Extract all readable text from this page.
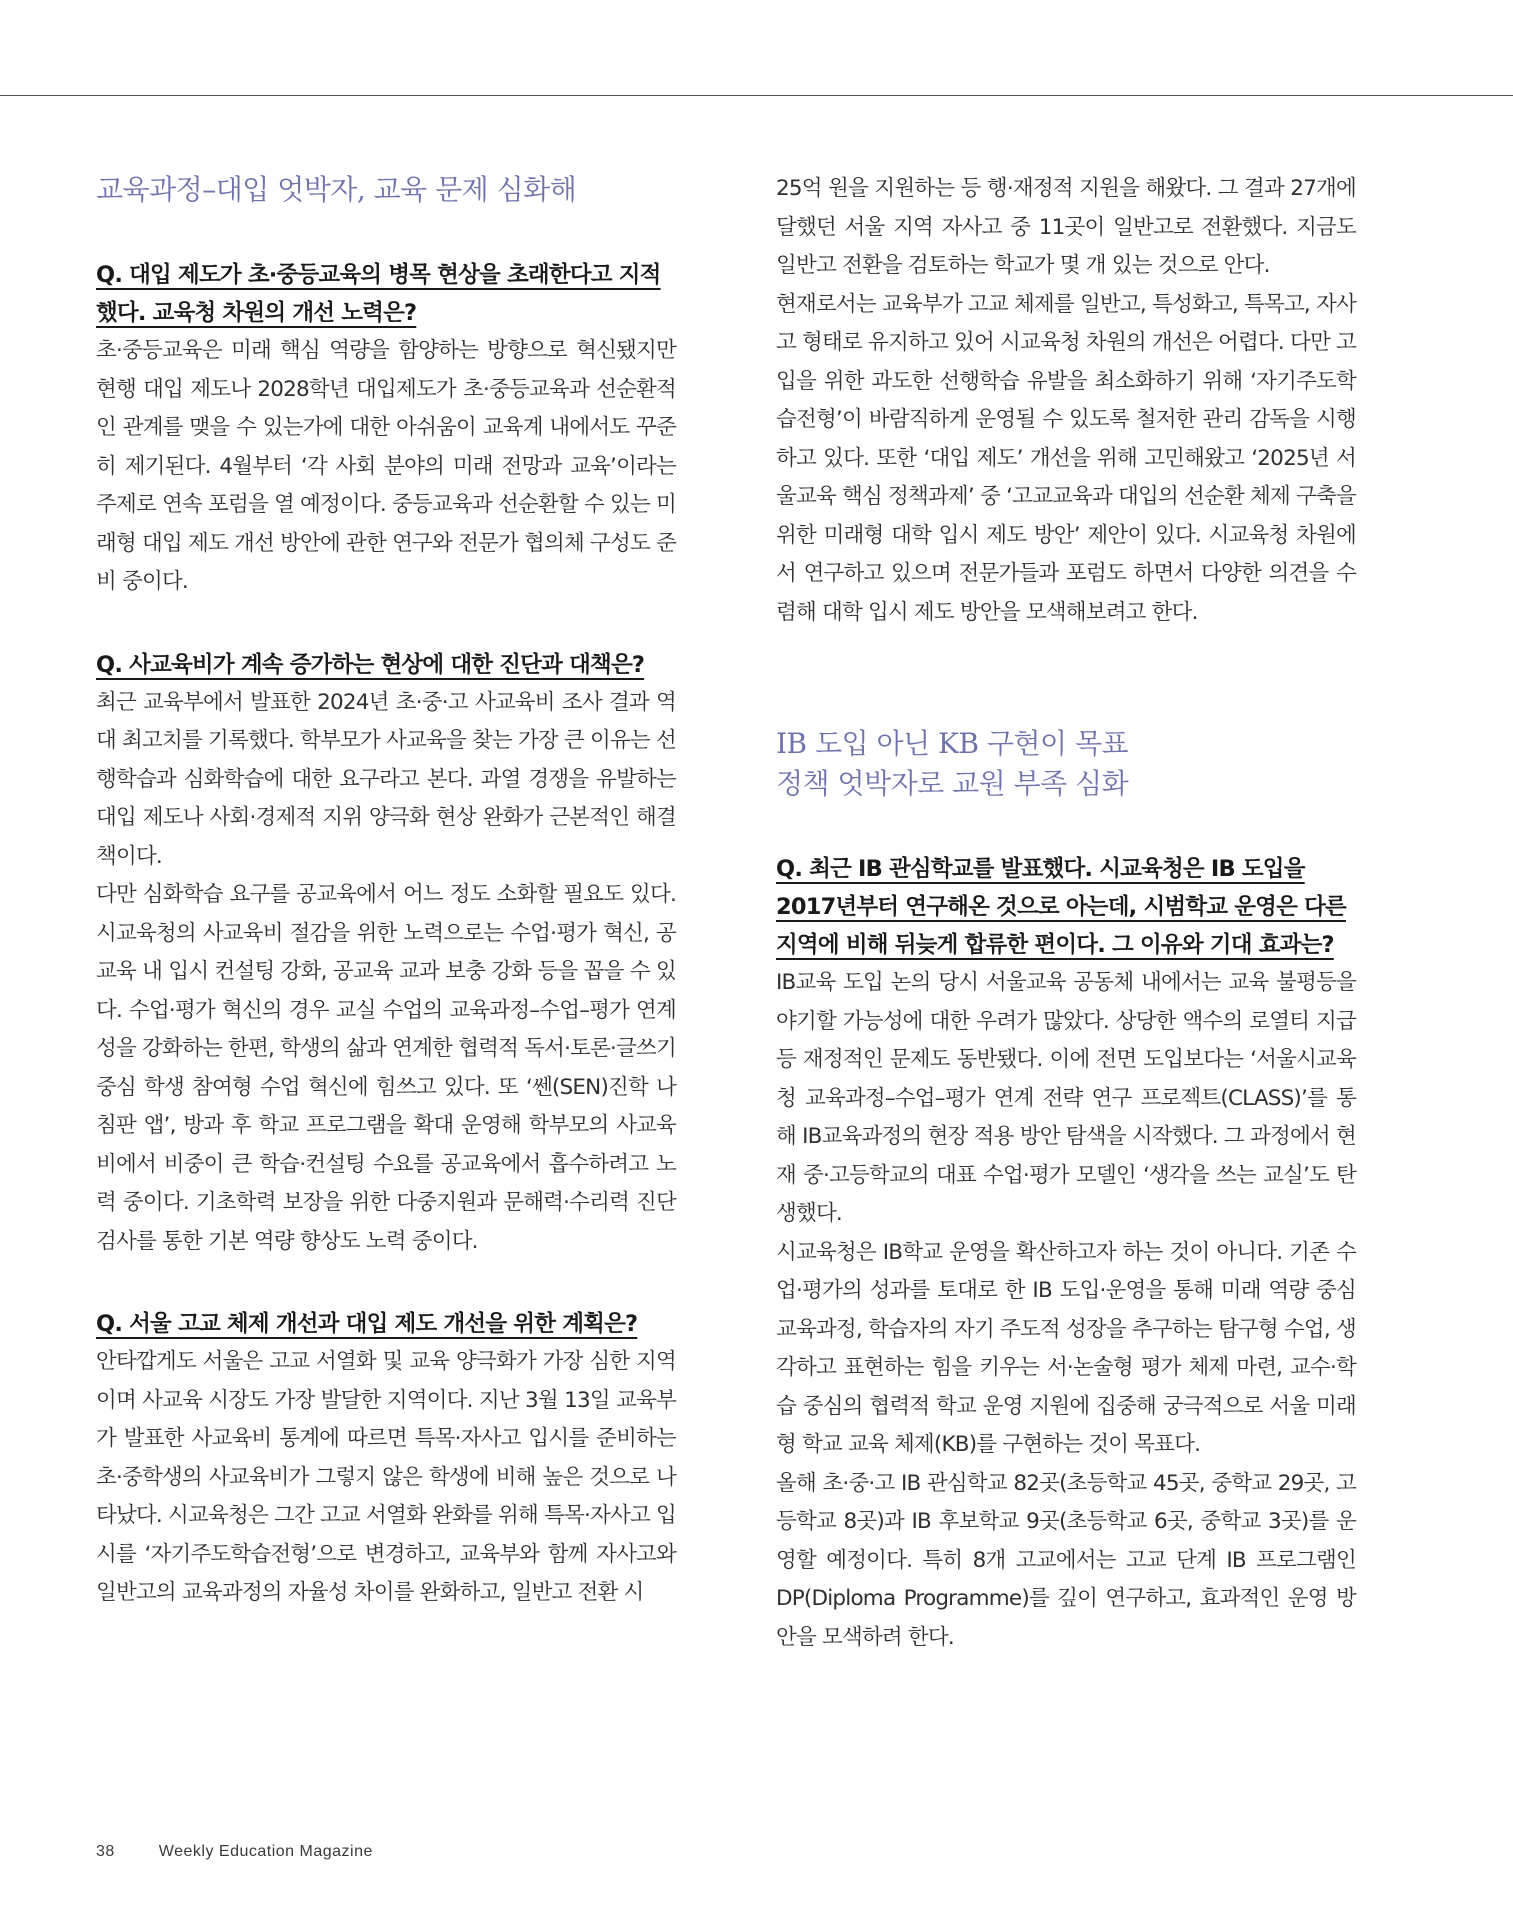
교육과정–대입 엇박자, 교육 문제 심화해

Q. 대입 제도가 초·중등교육의 병목 현상을 초래한다고 지적했다. 교육청 차원의 개선 노력은?

초·중등교육은 미래 핵심 역량을 함양하는 방향으로 혁신됐지만 현행 대입 제도나 2028학년 대입제도가 초·중등교육과 선순환적인 관계를 맺을 수 있는가에 대한 아쉬움이 교육계 내에서도 꾸준히 제기된다. 4월부터 ‘각 사회 분야의 미래 전망과 교육’이라는 주제로 연속 포럼을 열 예정이다. 중등교육과 선순환할 수 있는 미래형 대입 제도 개선 방안에 관한 연구와 전문가 협의체 구성도 준비 중이다.

Q. 사교육비가 계속 증가하는 현상에 대한 진단과 대책은?

최근 교육부에서 발표한 2024년 초·중·고 사교육비 조사 결과 역대 최고치를 기록했다. 학부모가 사교육을 찾는 가장 큰 이유는 선행학습과 심화학습에 대한 요구라고 본다. 과열 경쟁을 유발하는 대입 제도나 사회·경제적 지위 양극화 현상 완화가 근본적인 해결책이다.

다만 심화학습 요구를 공교육에서 어느 정도 소화할 필요도 있다. 시교육청의 사교육비 절감을 위한 노력으로는 수업·평가 혁신, 공교육 내 입시 컨설팅 강화, 공교육 교과 보충 강화 등을 꼽을 수 있다. 수업·평가 혁신의 경우 교실 수업의 교육과정–수업–평가 연계성을 강화하는 한편, 학생의 삶과 연계한 협력적 독서·토론·글쓰기 중심 학생 참여형 수업 혁신에 힘쓰고 있다. 또 ‘쎈(SEN)진학 나침판 앱’, 방과 후 학교 프로그램을 확대 운영해 학부모의 사교육비에서 비중이 큰 학습·컨설팅 수요를 공교육에서 흡수하려고 노력 중이다. 기초학력 보장을 위한 다중지원과 문해력·수리력 진단검사를 통한 기본 역량 향상도 노력 중이다.

Q. 서울 고교 체제 개선과 대입 제도 개선을 위한 계획은?

안타깝게도 서울은 고교 서열화 및 교육 양극화가 가장 심한 지역이며 사교육 시장도 가장 발달한 지역이다. 지난 3월 13일 교육부가 발표한 사교육비 통계에 따르면 특목·자사고 입시를 준비하는 초·중학생의 사교육비가 그렇지 않은 학생에 비해 높은 것으로 나타났다. 시교육청은 그간 고교 서열화 완화를 위해 특목·자사고 입시를 ‘자기주도학습전형’으로 변경하고, 교육부와 함께 자사고와 일반고의 교육과정의 자율성 차이를 완화하고, 일반고 전환 시

25억 원을 지원하는 등 행·재정적 지원을 해왔다. 그 결과 27개에 달했던 서울 지역 자사고 중 11곳이 일반고로 전환했다. 지금도 일반고 전환을 검토하는 학교가 몇 개 있는 것으로 안다.

현재로서는 교육부가 고교 체제를 일반고, 특성화고, 특목고, 자사고 형태로 유지하고 있어 시교육청 차원의 개선은 어렵다. 다만 고입을 위한 과도한 선행학습 유발을 최소화하기 위해 ‘자기주도학습전형’이 바람직하게 운영될 수 있도록 철저한 관리 감독을 시행하고 있다. 또한 ‘대입 제도’ 개선을 위해 고민해왔고 ‘2025년 서울교육 핵심 정책과제’ 중 ‘고교교육과 대입의 선순환 체제 구축을 위한 미래형 대학 입시 제도 방안’ 제안이 있다. 시교육청 차원에서 연구하고 있으며 전문가들과 포럼도 하면서 다양한 의견을 수렴해 대학 입시 제도 방안을 모색해보려고 한다.

IB 도입 아닌 KB 구현이 목표
정책 엇박자로 교원 부족 심화

Q. 최근 IB 관심학교를 발표했다. 시교육청은 IB 도입을 2017년부터 연구해온 것으로 아는데, 시범학교 운영은 다른 지역에 비해 뒤늦게 합류한 편이다. 그 이유와 기대 효과는?

IB교육 도입 논의 당시 서울교육 공동체 내에서는 교육 불평등을 야기할 가능성에 대한 우려가 많았다. 상당한 액수의 로열티 지급 등 재정적인 문제도 동반됐다. 이에 전면 도입보다는 ‘서울시교육청 교육과정–수업–평가 연계 전략 연구 프로젝트(CLASS)’를 통해 IB교육과정의 현장 적용 방안 탐색을 시작했다. 그 과정에서 현재 중·고등학교의 대표 수업·평가 모델인 ‘생각을 쓰는 교실’도 탄생했다.

시교육청은 IB학교 운영을 확산하고자 하는 것이 아니다. 기존 수업·평가의 성과를 토대로 한 IB 도입·운영을 통해 미래 역량 중심 교육과정, 학습자의 자기 주도적 성장을 추구하는 탐구형 수업, 생각하고 표현하는 힘을 키우는 서·논술형 평가 체제 마련, 교수·학습 중심의 협력적 학교 운영 지원에 집중해 궁극적으로 서울 미래형 학교 교육 체제(KB)를 구현하는 것이 목표다.

올해 초·중·고 IB 관심학교 82곳(초등학교 45곳, 중학교 29곳, 고등학교 8곳)과 IB 후보학교 9곳(초등학교 6곳, 중학교 3곳)를 운영할 예정이다. 특히 8개 고교에서는 고교 단계 IB 프로그램인 DP(Diploma Programme)를 깊이 연구하고, 효과적인 운영 방안을 모색하려 한다.

38	Weekly Education Magazine
